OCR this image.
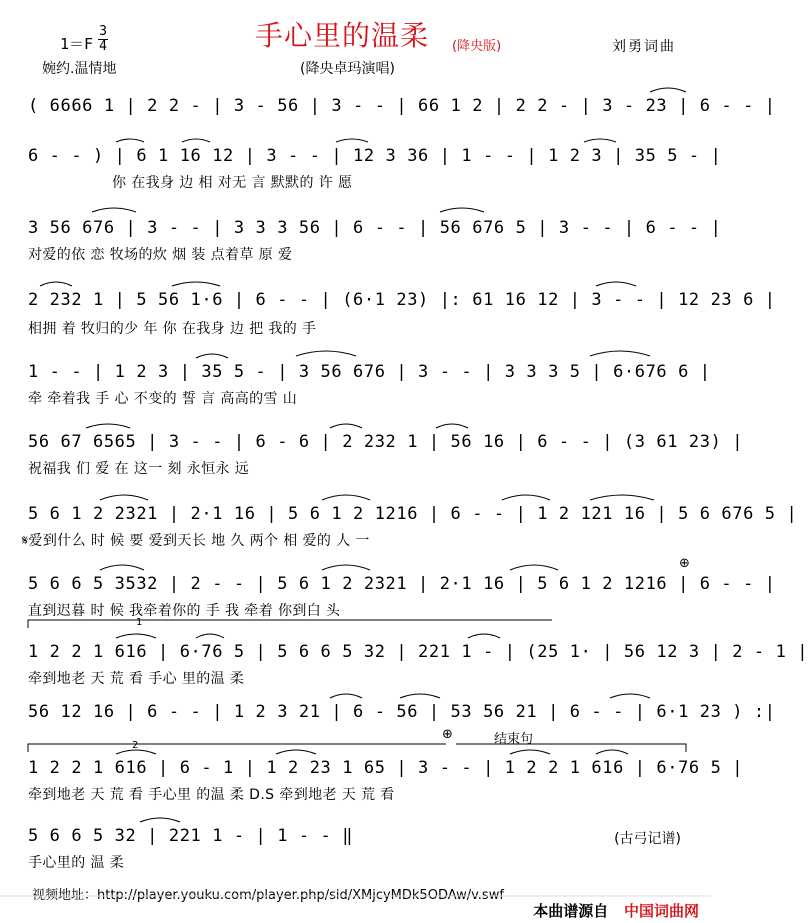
手心里的温柔 (降央版)
1＝F
3
4
婉约.温情地
刘勇词曲
(降央卓玛演唱)
( 6666 1 | 2 2 - | 3 - 56 | 3 - - | 66 1 2 | 2 2 - | 3 - 23 | 6 - - |
6 - - ) | 6 1 16 12 | 3 - - | 12 3 36 | 1 - - | 1 2 3 | 35 5 - |
你 在我身 边 相 对无 言 默默的 许 愿
3 56 676 | 3 - - | 3 3 3 56 | 6 - - | 56 676 5 | 3 - - | 6 - - |
对爱的依 恋 牧场的炊 烟 装 点着草 原 爱
2 232 1 | 5 56 1·6 | 6 - - | (6·1 23) |: 61 16 12 | 3 - - | 12 23 6 |
相拥 着 牧归的少 年 你 在我身 边 把 我的 手
1 - - | 1 2 3 | 35 5 - | 3 56 676 | 3 - - | 3 3 3 5 | 6·676 6 |
牵 牵着我 手 心 不变的 誓 言 高高的雪 山
56 67 6565 | 3 - - | 6 - 6 | 2 232 1 | 56 16 | 6 - - | (3 61 23) |
祝福我 们 爱 在 这一 刻 永恒永 远
5 6 1 2 2321 | 2·1 16 | 5 6 1 2 1216 | 6 - - | 1 2 121 16 | 5 6 676 5 |
𝄋爱到什么 时 候 要 爱到天长 地 久 两个 相 爱的 人 一
5 6 6 5 3532 | 2 - - | 5 6 1 2 2321 | 2·1 16 | 5 6 1 2 1216 | 6 - - |
直到迟暮 时 候 我牵着你的 手 我 牵着 你到白 头
⊕
1
1 2 2 1 616 | 6·76 5 | 5 6 6 5 32 | 221 1 - | (25 1· | 56 12 3 | 2 - 1 |
牵到地老 天 荒 看 手心 里的温 柔
56 12 16 | 6 - - | 1 2 3 21 | 6 - 56 | 53 56 21 | 6 - - | 6·1 23 ) :|
⊕	结束句
2
1 2 2 1 616 | 6 - 1 | 1 2 23 1 65 | 3 - - | 1 2 2 1 616 | 6·76 5 |
牵到地老 天 荒 看 手心里 的温 柔 D.S 牵到地老 天 荒 看
5 6 6 5 32 | 221 1 - | 1 - - ‖
手心里的 温 柔
(古弓记谱)
视频地址：http://player.youku.com/player.php/sid/XMjcyMDk5ODAw/v.swf
本曲谱源自 中国词曲网
